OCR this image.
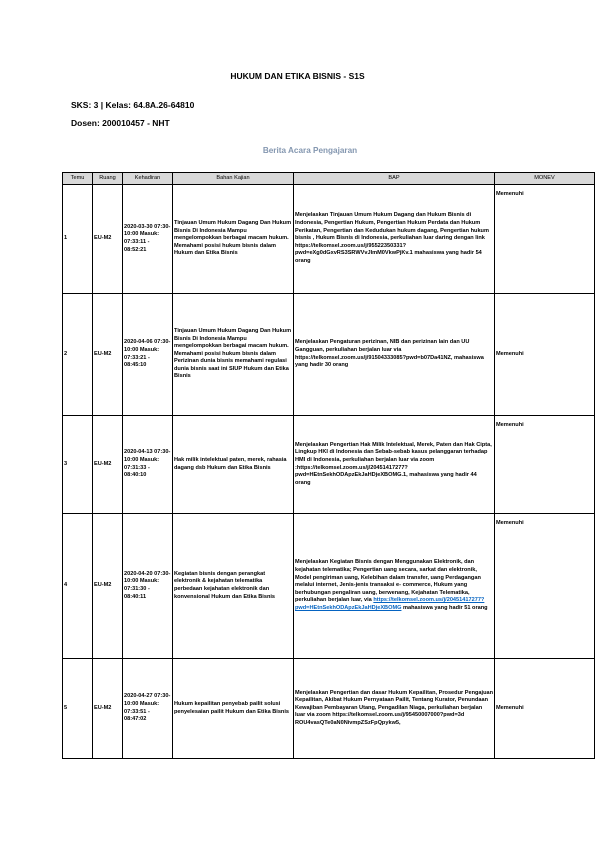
HUKUM DAN ETIKA BISNIS - S1S
SKS: 3 | Kelas: 64.8A.26-64810
Dosen: 200010457 - NHT
Berita Acara Pengajaran
Temu	Ruang	Kehadiran	Bahan Kajian	BAP	MONEV
1	EU-M2	2020-03-30 07:30-10:00 Masuk: 07:33:11 - 08:52:21	Tinjauan Umum Hukum Dagang Dan Hukum Bisnis Di Indonesia Mampu mengelompokkan berbagai macam hukum. Memahami posisi hukum bisnis dalam Hukum dan Etika Bisnis	Menjelaskan Tinjauan Umum Hukum Dagang dan Hukum Bisnis di Indonesia, Pengertian Hukum, Pengertian Hukum Perdata dan Hukum Perikatan, Pengertian dan Kedudukan hukum dagang, Pengertian hukum bisnis , Hukum Bisnis di Indonesia, perkuliahan luar daring dengan link https://telkomsel.zoom.us/j/95522350331?pwd=eXg0dGxvRS3SRWVvJlmM0VkwPjKv.1 mahasiswa yang hadir 54 orang	Memenuhi
2	EU-M2	2020-04-06 07:30-10:00 Masuk: 07:33:21 - 08:45:10	Tinjauan Umum Hukum Dagang Dan Hukum Bisnis Di Indonesia Mampu mengelompokkan berbagai macam hukum. Memahami posisi hukum bisnis dalam Perizinan dunia bisnis memahami regulasi dunia bisnis saat ini SIUP Hukum dan Etika Bisnis	Menjelaskan Pengaturan perizinan, NIB dan perizinan lain dan UU Gangguan, perkuliahan berjalan luar via https://telkomsel.zoom.us/j/91504333085?pwd=b07Da41NZ, mahasiswa yang hadir 30 orang	Memenuhi
3	EU-M2	2020-04-13 07:30-10:00 Masuk: 07:31:33 - 08:40:10	Hak milik intelektual paten, merek, rahasia dagang dsb Hukum dan Etika Bisnis	Menjelaskan Pengertian Hak Milik Intelektual, Merek, Paten dan Hak Cipta, Lingkup HKI di Indonesia dan Sebab-sebab kasus pelanggaran terhadap HMI di Indonesia, perkuliahan berjalan luar via zoom :https://telkomsel.zoom.us/j/20451417277?pwd=HEtnSekhODApzEkJaHDjeXBOMG.1, mahasiswa yang hadir 44 orang	Memenuhi
4	EU-M2	2020-04-20 07:30-10:00 Masuk: 07:31:30 - 08:40:11	Kegiatan bisnis dengan perangkat elektronik & kejahatan telematika perbedaan kejahatan elektronik dan konvensional Hukum dan Etika Bisnis	Menjelaskan Kegiatan Bisnis dengan Menggunakan Elektronik, dan kejahatan telematika; Pengertian uang secara, sarkat dan elektronik, Model pengiriman uang, Kelebihan dalam transfer, uang Perdagangan melalui internet, Jenis-jenis transaksi e- commerce, Hukum yang berhubungan pengaliran uang, berwenang, Kejahatan Telematika, perkuliahan berjalan luar, via https://telkomsel.zoom.us/j/20451417277?pwd=HEtnSekhODApzEkJaHDjeXBOMG mahasiswa yang hadir 51 orang	Memenuhi
5	EU-M2	2020-04-27 07:30-10:00 Masuk: 07:33:51 - 08:47:02	Hukum kepailitan penyebab pailit solusi penyelesaian pailit Hukum dan Etika Bisnis	Menjelaskan Pengertian dan dasar Hukum Kepailitan, Prosedur Pengajuan Kepailitan, Akibat Hukum Pernyataan Pailit, Tentang Kurator, Penundaan Kewajiban Pembayaran Utang, Pengadilan Niaga, perkuliahan berjalan luar via zoom https://telkomsel.zoom.us/j/95450007000?pwd=3d ROU4vasQTe0aN0NivmpZSzFpQpykw5,	Memenuhi
